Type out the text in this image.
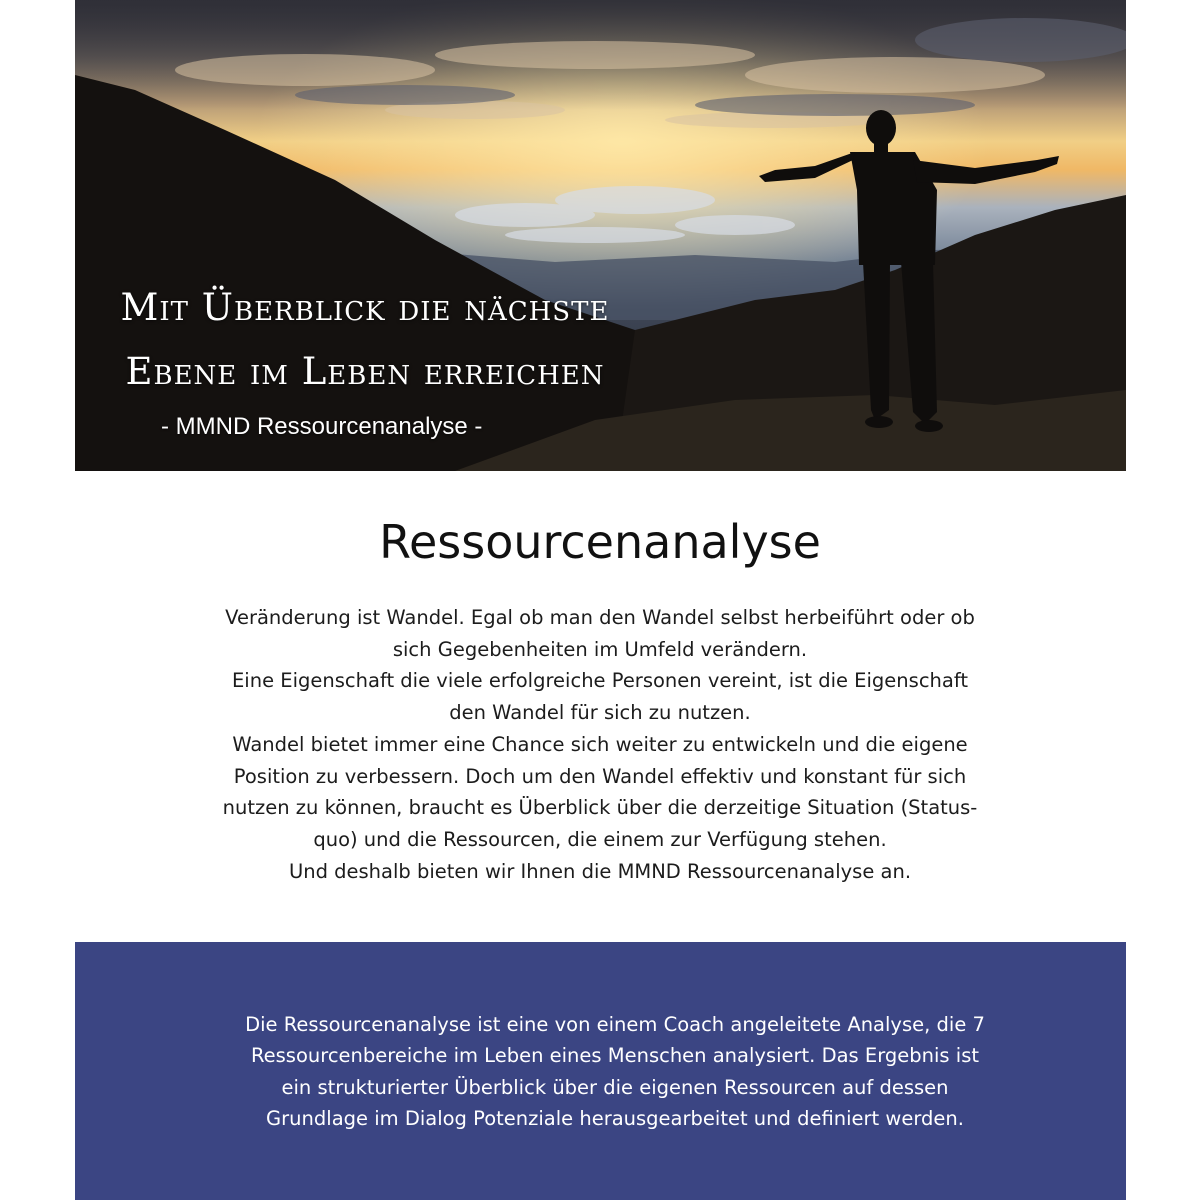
Mit Überblick die nächste
Ebene im Leben erreichen
- MMND Ressourcenanalyse -
Ressourcenanalyse
Veränderung ist Wandel. Egal ob man den Wandel selbst herbeiführt oder ob
sich Gegebenheiten im Umfeld verändern.
Eine Eigenschaft die viele erfolgreiche Personen vereint, ist die Eigenschaft
den Wandel für sich zu nutzen.
Wandel bietet immer eine Chance sich weiter zu entwickeln und die eigene
Position zu verbessern. Doch um den Wandel effektiv und konstant für sich
nutzen zu können, braucht es Überblick über die derzeitige Situation (Status-
quo) und die Ressourcen, die einem zur Verfügung stehen.
Und deshalb bieten wir Ihnen die MMND Ressourcenanalyse an.
Die Ressourcenanalyse ist eine von einem Coach angeleitete Analyse, die 7
Ressourcenbereiche im Leben eines Menschen analysiert. Das Ergebnis ist
ein strukturierter Überblick über die eigenen Ressourcen auf dessen
Grundlage im Dialog Potenziale herausgearbeitet und definiert werden.
